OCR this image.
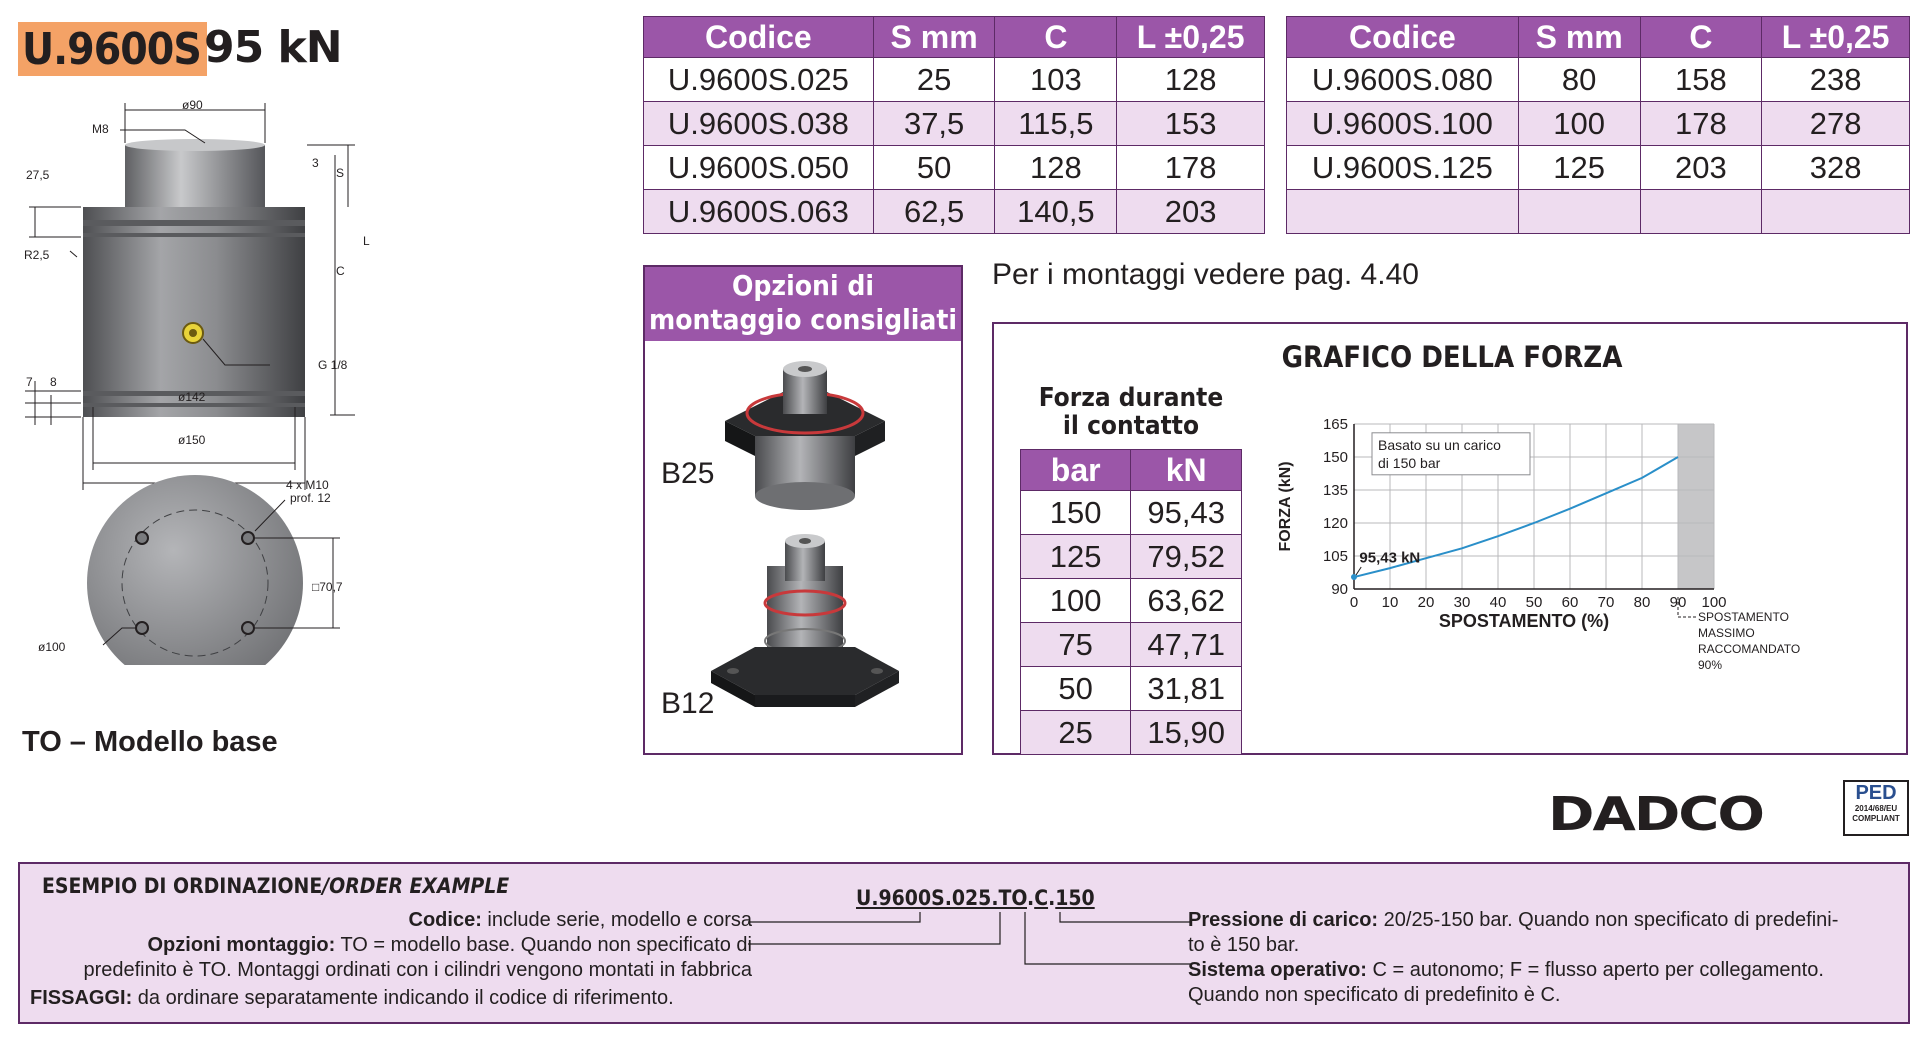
U.9600S 95 kN
ø90
M8
27,5
3
S
R2,5
L
C
7 8
G 1/8
ø142
ø150
4 x M10
prof. 12
□70,7
ø100
TO – Modello base
Codice	S mm	C	L ±0,25
U.9600S.025	25	103	128
U.9600S.038	37,5	115,5	153
U.9600S.050	50	128	178
U.9600S.063	62,5	140,5	203
Codice	S mm	C	L ±0,25
U.9600S.080	80	158	238
U.9600S.100	100	178	278
U.9600S.125	125	203	328

Opzioni di
montaggio consigliati
B25
B12
Per i montaggi vedere pag. 4.40
GRAFICO DELLA FORZA
Forza durante
il contatto
bar	kN
150	95,43
125	79,52
100	63,62
75	47,71
50	31,81
25	15,90
0 10 20 30 40 50 60 70 80 90 100
90
105
120
135
150
165
SPOSTAMENTO (%)
FORZA (kN)
95,43 kN
Basato su un carico
di 150 bar
SPOSTAMENTO
MASSIMO
RACCOMANDATO
90%
DADCO	PED
2014/68/EU
COMPLIANT
ESEMPIO DI ORDINAZIONE/ORDER EXAMPLE	U.9600S.025.TO.C.150
Codice: include serie, modello e corsa
Opzioni montaggio: TO = modello base. Quando non specificato di
predefinito è TO. Montaggi ordinati con i cilindri vengono montati in fabbrica
FISSAGGI: da ordinare separatamente indicando il codice di riferimento.
Pressione di carico: 20/25-150 bar. Quando non specificato di predefini-
to è 150 bar.
Sistema operativo: C = autonomo; F = flusso aperto per collegamento.
Quando non specificato di predefinito è C.
